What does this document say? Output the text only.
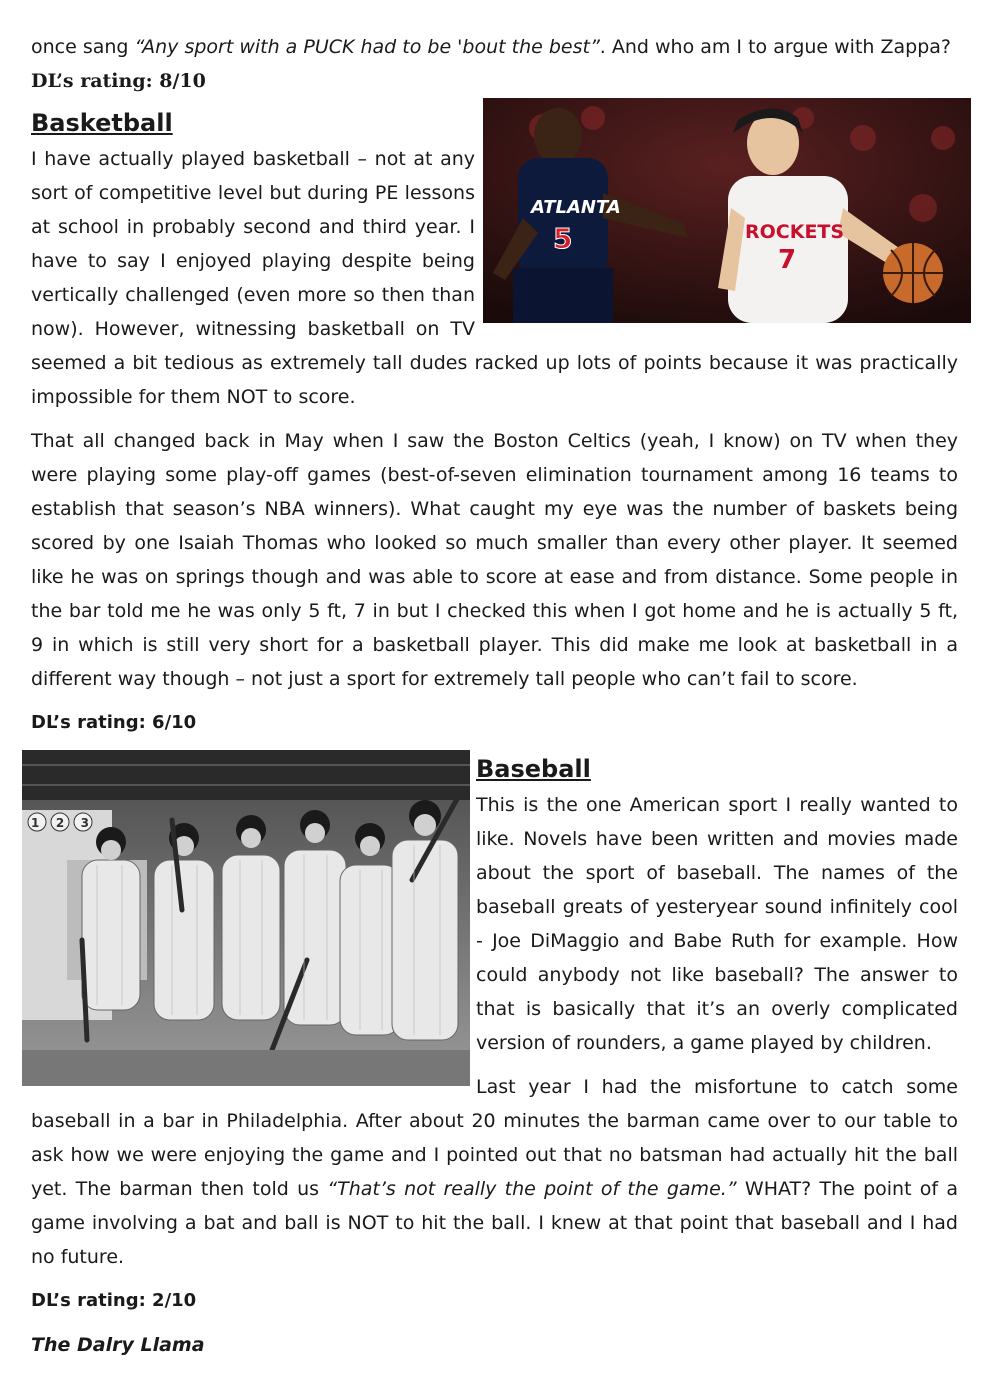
once sang “Any sport with a PUCK had to be 'bout the best”. And who am I to argue with Zappa?

DL’s rating: 8/10
ATLANTA
5	ROCKETS
7
Basketball

I have actually played basketball – not at any sort of competitive level but during PE lessons at school in probably second and third year. I have to say I enjoyed playing despite being vertically challenged (even more so then than now). However, witnessing basketball on TV seemed a bit tedious as extremely tall dudes racked up lots of points because it was practically impossible for them NOT to score.

That all changed back in May when I saw the Boston Celtics (yeah, I know) on TV when they were playing some play-off games (best-of-seven elimination tournament among 16 teams to establish that season’s NBA winners). What caught my eye was the number of baskets being scored by one Isaiah Thomas who looked so much smaller than every other player. It seemed like he was on springs though and was able to score at ease and from distance. Some people in the bar told me he was only 5 ft, 7 in but I checked this when I got home and he is actually 5 ft, 9 in which is still very short for a basketball player. This did make me look at basketball in a different way though – not just a sport for extremely tall people who can’t fail to score.

DL’s rating: 6/10
1 2 3
Baseball

This is the one American sport I really wanted to like. Novels have been written and movies made about the sport of baseball. The names of the baseball greats of yesteryear sound infinitely cool - Joe DiMaggio and Babe Ruth for example. How could anybody not like baseball? The answer to that is basically that it’s an overly complicated version of rounders, a game played by children.

Last year I had the misfortune to catch some baseball in a bar in Philadelphia. After about 20 minutes the barman came over to our table to ask how we were enjoying the game and I pointed out that no batsman had actually hit the ball yet. The barman then told us “That’s not really the point of the game.” WHAT? The point of a game involving a bat and ball is NOT to hit the ball. I knew at that point that baseball and I had no future.

DL’s rating: 2/10
The Dalry Llama
